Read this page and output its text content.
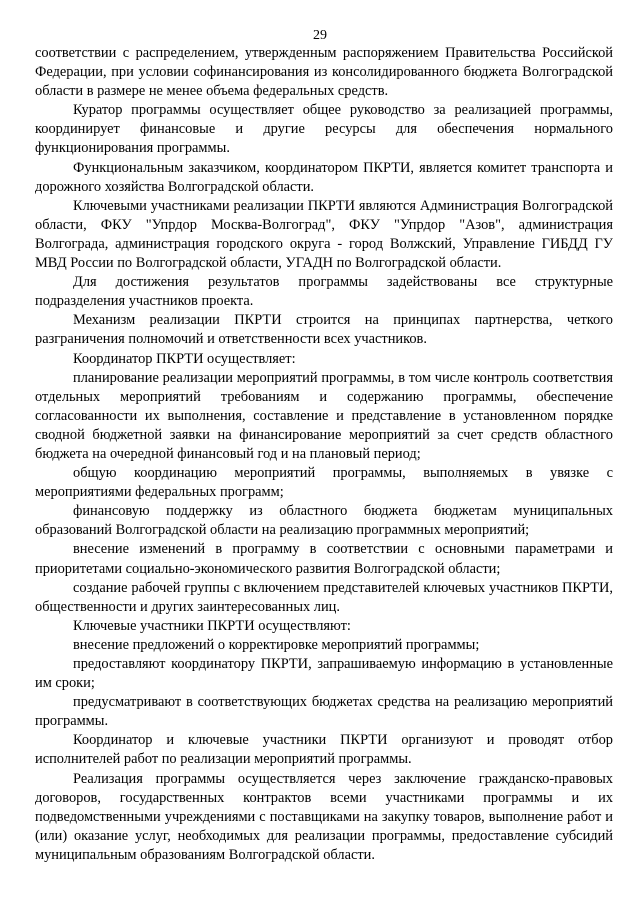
29

соответствии с распределением, утвержденным распоряжением Правительства Российской Федерации, при условии софинансирования из консолидированного бюджета Волгоградской области в размере не менее объема федеральных средств.

Куратор программы осуществляет общее руководство за реализацией программы, координирует финансовые и другие ресурсы для обеспечения нормального функционирования программы.

Функциональным заказчиком, координатором ПКРТИ, является комитет транспорта и дорожного хозяйства Волгоградской области.

Ключевыми участниками реализации ПКРТИ являются Администрация Волгоградской области, ФКУ "Упрдор Москва-Волгоград", ФКУ "Упрдор "Азов", администрация Волгограда, администрация городского округа - город Волжский, Управление ГИБДД ГУ МВД России по Волгоградской области, УГАДН по Волгоградской области.

Для достижения результатов программы задействованы все структурные подразделения участников проекта.

Механизм реализации ПКРТИ строится на принципах партнерства, четкого разграничения полномочий и ответственности всех участников.

Координатор ПКРТИ осуществляет:

планирование реализации мероприятий программы, в том числе контроль соответствия отдельных мероприятий требованиям и содержанию программы, обеспечение согласованности их выполнения, составление и представление в установленном порядке сводной бюджетной заявки на финансирование мероприятий за счет средств областного бюджета на очередной финансовый год и на плановый период;

общую координацию мероприятий программы, выполняемых в увязке с мероприятиями федеральных программ;

финансовую поддержку из областного бюджета бюджетам муниципальных образований Волгоградской области на реализацию программных мероприятий;

внесение изменений в программу в соответствии с основными параметрами и приоритетами социально-экономического развития Волгоградской области;

создание рабочей группы с включением представителей ключевых участников ПКРТИ, общественности и других заинтересованных лиц.

Ключевые участники ПКРТИ осуществляют:

внесение предложений о корректировке мероприятий программы;

предоставляют координатору ПКРТИ, запрашиваемую информацию в установленные им сроки;

предусматривают в соответствующих бюджетах средства на реализацию мероприятий программы.

Координатор и ключевые участники ПКРТИ организуют и проводят отбор исполнителей работ по реализации мероприятий программы.

Реализация программы осуществляется через заключение гражданско-правовых договоров, государственных контрактов всеми участниками программы и их подведомственными учреждениями с поставщиками на закупку товаров, выполнение работ и (или) оказание услуг, необходимых для реализации программы, предоставление субсидий муниципальным образованиям Волгоградской области.
